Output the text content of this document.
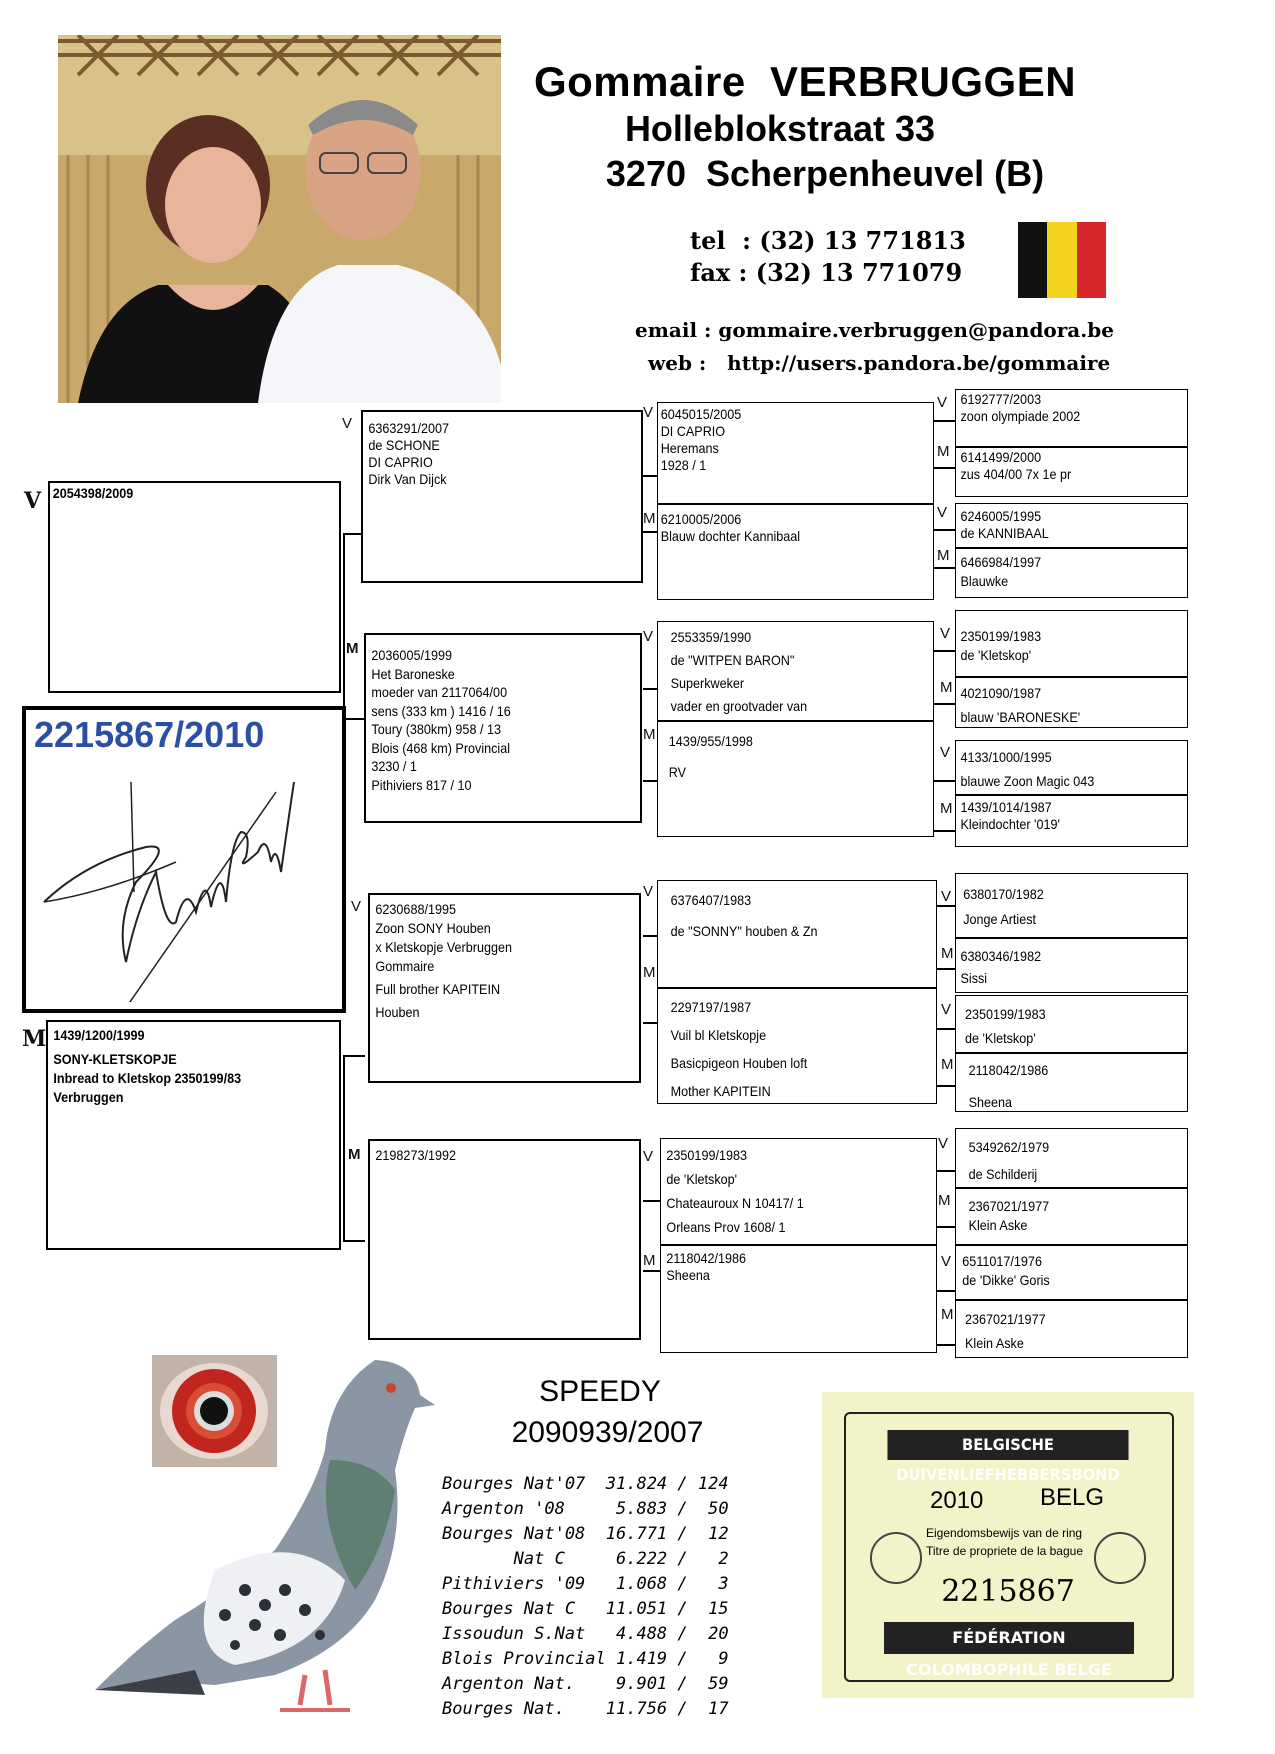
Gommaire  VERBRUGGEN
Holleblokstraat 33
3270  Scherpenheuvel (B)
tel  : (32) 13 771813
fax : (32) 13 771079
email : gommaire.verbruggen@pandora.be
web :   http://users.pandora.be/gommaire
V 2054398/2009
2215867/2010
M 1439/1200/1999
SONY-KLETSKOPJE
Inbread to Kletskop 2350199/83
Verbruggen
V 6363291/2007
de SCHONE
DI CAPRIO
Dirk Van Dijck
M 2036005/1999
Het Baroneske
moeder van 2117064/00
sens (333 km ) 1416 / 16
Toury (380km) 958 / 13
Blois (468 km) Provincial
3230 / 1
Pithiviers 817 / 10
V 6230688/1995
Zoon SONY Houben
x Kletskopje Verbruggen
Gommaire
Full brother KAPITEIN
Houben
M 2198273/1992
V 6045015/2005
DI CAPRIO
Heremans
1928 / 1
M 6210005/2006
Blauw dochter Kannibaal
V 2553359/1990
de "WITPEN BARON"
Superkweker
vader en grootvader van
M 1439/955/1998
RV
V 6376407/1983
de "SONNY" houben & Zn
M
2297197/1987
Vuil bl Kletskopje
Basicpigeon Houben loft
Mother KAPITEIN
V 2350199/1983
de 'Kletskop'
Chateauroux N 10417/ 1
Orleans Prov 1608/ 1
M 2118042/1986
Sheena
V 6192777/2003
zoon olympiade 2002
M 6141499/2000
zus 404/00 7x 1e pr
V 6246005/1995
de KANNIBAAL
M 6466984/1997
Blauwke
V 2350199/1983
de 'Kletskop'
M 4021090/1987
blauw 'BARONESKE'
V 4133/1000/1995
blauwe Zoon Magic 043
M 1439/1014/1987
Kleindochter '019'
V 6380170/1982
Jonge Artiest
M 6380346/1982
Sissi
V 2350199/1983
de 'Kletskop'
M 2118042/1986
Sheena
V 5349262/1979
de Schilderij
M 2367021/1977
Klein Aske
V 6511017/1976
de 'Dikke' Goris
M 2367021/1977
Klein Aske
SPEEDY
2090939/2007
Bourges Nat'07  31.824 / 124
Argenton '08     5.883 /  50
Bourges Nat'08  16.771 /  12
Nat C     6.222 /   2
Pithiviers '09   1.068 /   3
Bourges Nat C   11.051 /  15
Issoudun S.Nat   4.488 /  20
Blois Provincial 1.419 /   9
Argenton Nat.    9.901 /  59
Bourges Nat.    11.756 /  17
BELGISCHE DUIVENLIEFHEBBERSBOND
2010 BELG
Eigendomsbewijs van de ring
Titre de propriete de la bague
2215867
FÉDÉRATION COLOMBOPHILE BELGE
